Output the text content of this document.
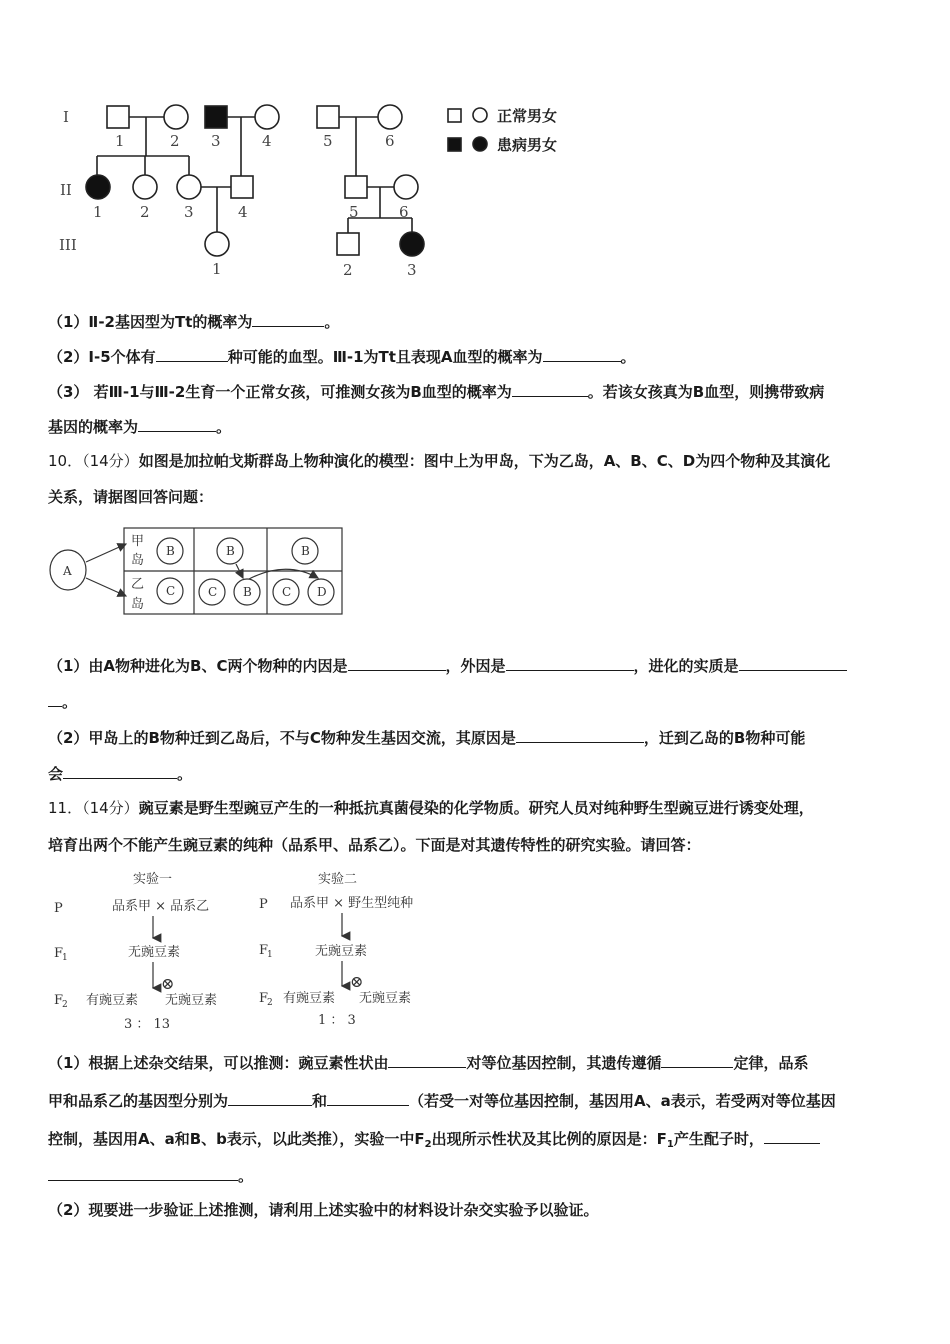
I
II
III
1	2 3	4	5	6
1 2 3	4	5	6
1	2	3
正常男女
患病男女
（1）Ⅱ-2基因型为Tt的概率为	。
（2）Ⅰ-5个体有	种可能的血型。Ⅲ-1为Tt且表现A血型的概率为	。
（3） 若Ⅲ-1与Ⅲ-2生育一个正常女孩，可推测女孩为B血型的概率为	。若该女孩真为B血型，则携带致病
基因的概率为	。
10．（14分）如图是加拉帕戈斯群岛上物种演化的模型：图中上为甲岛，下为乙岛，A、B、C、D为四个物种及其演化
关系，请据图回答问题：
A
B
C
B
C B
B
C D
甲
岛
乙
岛
（1）由A物种进化为B、C两个物种的内因是	，外因是	，进化的实质是
。
（2）甲岛上的B物种迁到乙岛后，不与C物种发生基因交流，其原因是	，迁到乙岛的B物种可能
会	。
11．（14分）豌豆素是野生型豌豆产生的一种抵抗真菌侵染的化学物质。研究人员对纯种野生型豌豆进行诱变处理，
培育出两个不能产生豌豆素的纯种（品系甲、品系乙）。下面是对其遗传特性的研究实验。请回答：
实验一
P	品系甲 × 品系乙
F
1	无豌豆素
⊗
F
2 有豌豆素 无豌豆素
3 ： 13
实验二
P 品系甲 × 野生型纯种
F
1	无豌豆素
⊗
F
2 有豌豆素 无豌豆素
1 ： 3
（1）根据上述杂交结果，可以推测：豌豆素性状由	对等位基因控制，其遗传遵循	定律，品系
甲和品系乙的基因型分别为	和	（若受一对等位基因控制，基因用A、a表示，若受两对等位基因
控制，基因用A、a和B、b表示，以此类推），实验一中$F_2$出现所示性状及其比例的原因是：$F_1$产生配子时，
。
（2）现要进一步验证上述推测，请利用上述实验中的材料设计杂交实验予以验证。
